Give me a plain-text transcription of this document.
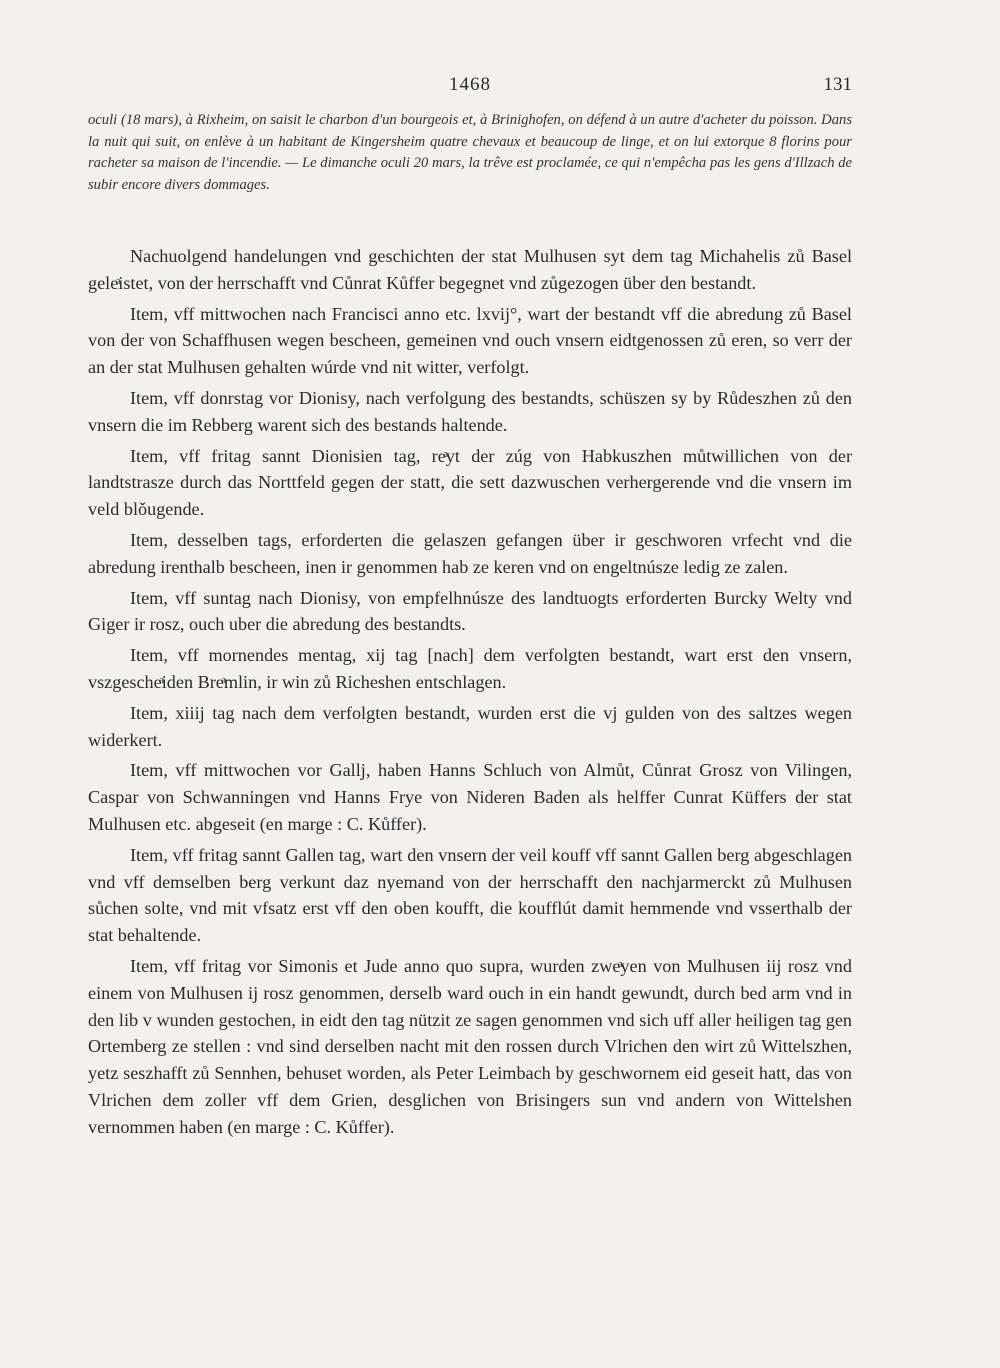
1468	131
oculi (18 mars), à Rixheim, on saisit le charbon d'un bourgeois et, à Brinighofen, on défend à un autre d'acheter du poisson. Dans la nuit qui suit, on enlève à un habitant de Kingersheim quatre chevaux et beaucoup de linge, et on lui extorque 8 florins pour racheter sa maison de l'incendie. — Le dimanche oculi 20 mars, la trêve est proclamée, ce qui n'empêcha pas les gens d'Illzach de subir encore divers dommages.

Nachuolgend handelungen vnd geschichten der stat Mulhusen syt dem tag Michahelis zů Basel geleͣistet, von der herrschafft vnd Cůnrat Kůffer begegnet vnd zůgezogen über den bestandt.

Item, vff mittwochen nach Francisci anno etc. lxvij°, wart der bestandt vff die abredung zů Basel von der von Schaffhusen wegen bescheen, gemeinen vnd ouch vnsern eidtgenossen zů eren, so verr der an der stat Mulhusen gehalten wúrde vnd nit witter, verfolgt.

Item, vff donrstag vor Dionisy, nach verfolgung des bestandts, schüszen sy by Růdeszhen zů den vnsern die im Rebberg warent sich des bestands haltende.

Item, vff fritag sannt Dionisien tag, reͣyt der zúg von Habkuszhen můtwillichen von der landtstrasze durch das Norttfeld gegen der statt, die sett dazwuschen verhergerende vnd die vnsern im veld blǒugende.

Item, desselben tags, erforderten die gelaszen gefangen über ir geschworen vrfecht vnd die abredung irenthalb bescheen, inen ir genommen hab ze keren vnd on engeltnúsze ledig ze zalen.

Item, vff suntag nach Dionisy, von empfelhnúsze des landtuogts erforderten Burcky Welty vnd Giger ir rosz, ouch uber die abredung des bestandts.

Item, vff mornendes mentag, xij tag [nach] dem verfolgten bestandt, wart erst den vnsern, vszgescheͣiden Breͣmlin, ir win zů Richeshen entschlagen.

Item, xiiij tag nach dem verfolgten bestandt, wurden erst die vj gulden von des saltzes wegen widerkert.

Item, vff mittwochen vor Gallj, haben Hanns Schluch von Almůt, Cůnrat Grosz von Vilingen, Caspar von Schwanningen vnd Hanns Frye von Nideren Baden als helffer Cunrat Küffers der stat Mulhusen etc. abgeseit (en marge : C. Kůffer).

Item, vff fritag sannt Gallen tag, wart den vnsern der veil kouff vff sannt Gallen berg abgeschlagen vnd vff demselben berg verkunt daz nyemand von der herrschafft den nachjarmerckt zů Mulhusen sůchen solte, vnd mit vfsatz erst vff den oben koufft, die koufflút damit hemmende vnd vsserthalb der stat behaltende.

Item, vff fritag vor Simonis et Jude anno quo supra, wurden zweͣyen von Mulhusen iij rosz vnd einem von Mulhusen ij rosz genommen, derselb ward ouch in ein handt gewundt, durch bed arm vnd in den lib v wunden gestochen, in eidt den tag nützit ze sagen genommen vnd sich uff aller heiligen tag gen Ortemberg ze stellen : vnd sind derselben nacht mit den rossen durch Vlrichen den wirt zů Wittelszhen, yetz seszhafft zů Sennhen, behuset worden, als Peter Leimbach by geschwornem eid geseit hatt, das von Vlrichen dem zoller vff dem Grien, desglichen von Brisingers sun vnd andern von Wittelshen vernommen haben (en marge : C. Kůffer).
